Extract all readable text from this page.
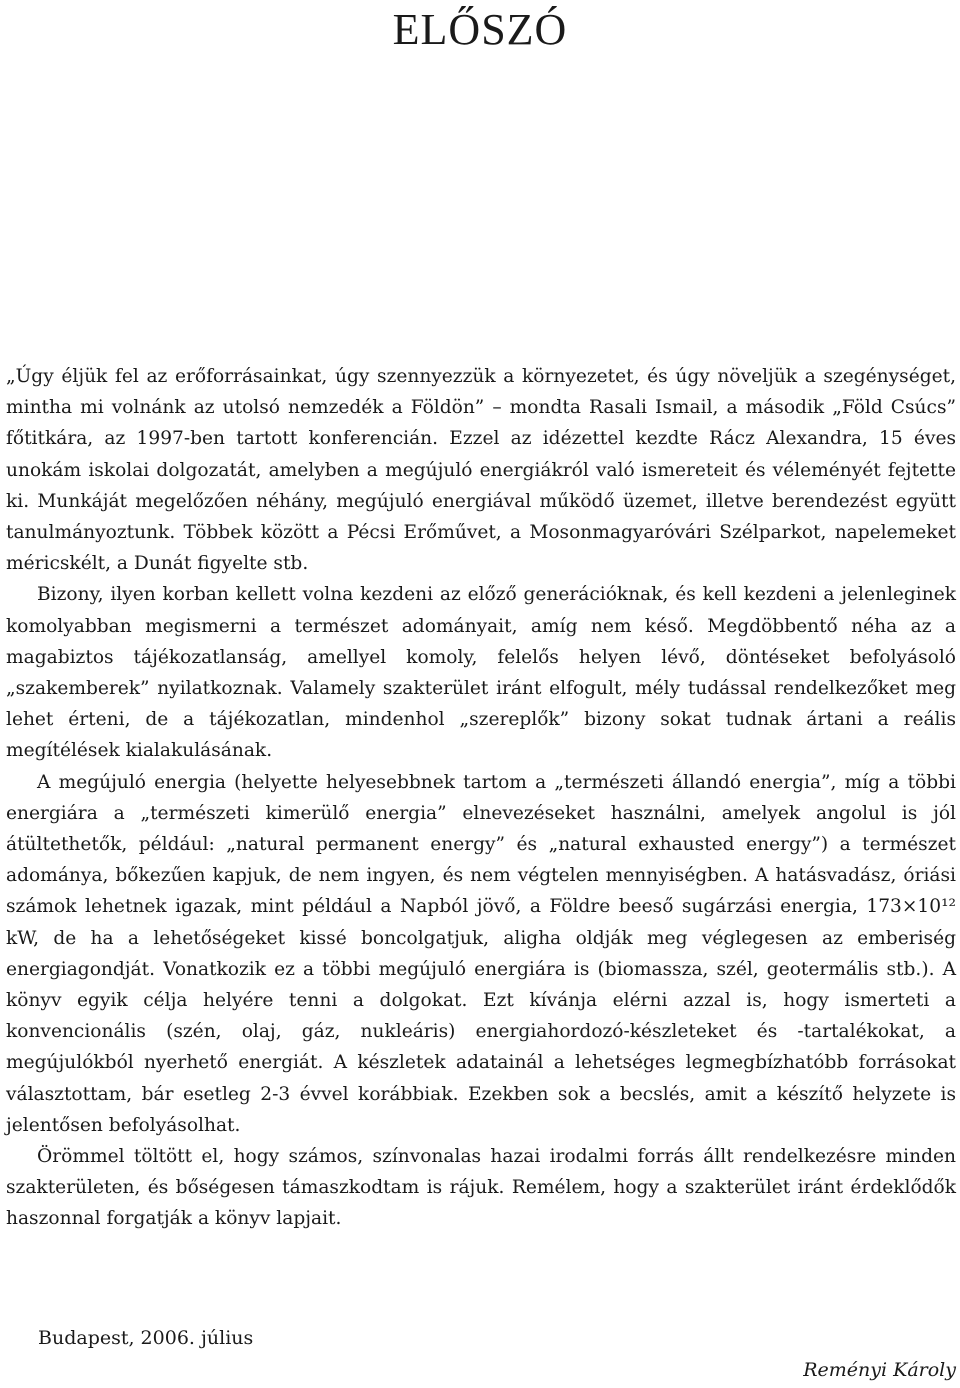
ELŐSZÓ

„Úgy éljük fel az erőforrásainkat, úgy szennyezzük a környezetet, és úgy növeljük a szegénységet, mintha mi volnánk az utolsó nemzedék a Földön” – mondta Rasali Ismail, a második „Föld Csúcs” főtitkára, az 1997-ben tartott konferencián. Ezzel az idézettel kezdte Rácz Alexandra, 15 éves unokám iskolai dolgozatát, amelyben a megújuló energiákról való ismereteit és véleményét fejtette ki. Munkáját megelőzően néhány, megújuló energiával működő üzemet, illetve berendezést együtt tanulmányoztunk. Többek között a Pécsi Erőművet, a Mosonmagyaróvári Szélparkot, napelemeket méricskélt, a Dunát figyelte stb.

Bizony, ilyen korban kellett volna kezdeni az előző generációknak, és kell kezdeni a jelenleginek komolyabban megismerni a természet adományait, amíg nem késő. Megdöbbentő néha az a magabiztos tájékozatlanság, amellyel komoly, felelős helyen lévő, döntéseket befolyásoló „szakemberek” nyilatkoznak. Valamely szakterület iránt elfogult, mély tudással rendelkezőket meg lehet érteni, de a tájékozatlan, mindenhol „szereplők” bizony sokat tudnak ártani a reális megítélések kialakulásának.

A megújuló energia (helyette helyesebbnek tartom a „természeti állandó energia”, míg a többi energiára a „természeti kimerülő energia” elnevezéseket használni, amelyek angolul is jól átültethetők, például: „natural permanent energy” és „natural exhausted energy”) a természet adománya, bőkezűen kapjuk, de nem ingyen, és nem végtelen mennyiségben. A hatásvadász, óriási számok lehetnek igazak, mint például a Napból jövő, a Földre beeső sugárzási energia, 173×10¹² kW, de ha a lehetőségeket kissé boncolgatjuk, aligha oldják meg véglegesen az emberiség energiagondját. Vonatkozik ez a többi megújuló energiára is (biomassza, szél, geotermális stb.). A könyv egyik célja helyére tenni a dolgokat. Ezt kívánja elérni azzal is, hogy ismerteti a konvencionális (szén, olaj, gáz, nukleáris) energiahordozó-készleteket és -tartalékokat, a megújulókból nyerhető energiát. A készletek adatainál a lehetséges legmegbízhatóbb forrásokat választottam, bár esetleg 2-3 évvel korábbiak. Ezekben sok a becslés, amit a készítő helyzete is jelentősen befolyásolhat.

Örömmel töltött el, hogy számos, színvonalas hazai irodalmi forrás állt rendelkezésre minden szakterületen, és bőségesen támaszkodtam is rájuk. Remélem, hogy a szakterület iránt érdeklődők haszonnal forgatják a könyv lapjait.

Budapest, 2006. július
Reményi Károly
